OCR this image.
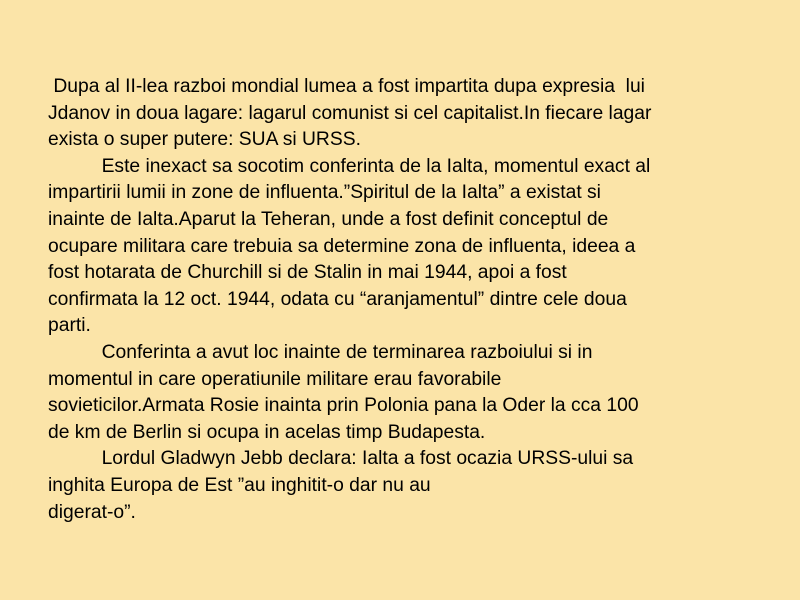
Dupa al II-lea razboi mondial lumea a fost impartita dupa expresia  lui
Jdanov in doua lagare: lagarul comunist si cel capitalist.In fiecare lagar
exista o super putere: SUA si URSS.
Este inexact sa socotim conferinta de la Ialta, momentul exact al
impartirii lumii in zone de influenta.”Spiritul de la Ialta” a existat si
inainte de Ialta.Aparut la Teheran, unde a fost definit conceptul de
ocupare militara care trebuia sa determine zona de influenta, ideea a
fost hotarata de Churchill si de Stalin in mai 1944, apoi a fost
confirmata la 12 oct. 1944, odata cu “aranjamentul” dintre cele doua
parti.
Conferinta a avut loc inainte de terminarea razboiului si in
momentul in care operatiunile militare erau favorabile
sovieticilor.Armata Rosie inainta prin Polonia pana la Oder la cca 100
de km de Berlin si ocupa in acelas timp Budapesta.
Lordul Gladwyn Jebb declara: Ialta a fost ocazia URSS-ului sa
inghita Europa de Est ”au inghitit-o dar nu au
digerat-o”.
